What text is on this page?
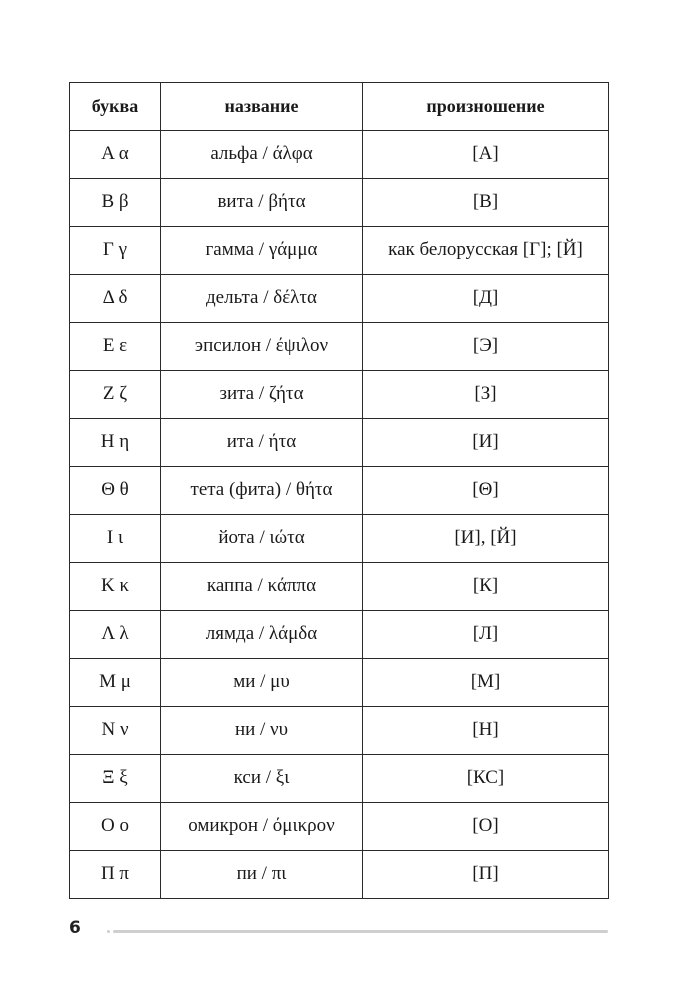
буква	название	произношение
Α α	альфа / άλφα	[А]
Β β	вита / βήτα	[В]
Γ γ	гамма / γάμμα	как белорусская [Г]; [Й]
Δ δ	дельта / δέλτα	[Д]
Ε ε	эпсилон / έψιλον	[Э]
Ζ ζ	зита / ζήτα	[З]
Η η	ита / ήτα	[И]
Θ θ	тета (фита) / θήτα	[Θ]
Ι ι	йота / ιώτα	[И], [Й]
Κ κ	каппа / κάππα	[К]
Λ λ	лямда / λάμδα	[Л]
Μ μ	ми / μυ	[М]
Ν ν	ни / νυ	[Н]
Ξ ξ	кси / ξι	[КС]
Ο ο	омикрон / όμικρον	[О]
Π π	пи / πι	[П]
6
